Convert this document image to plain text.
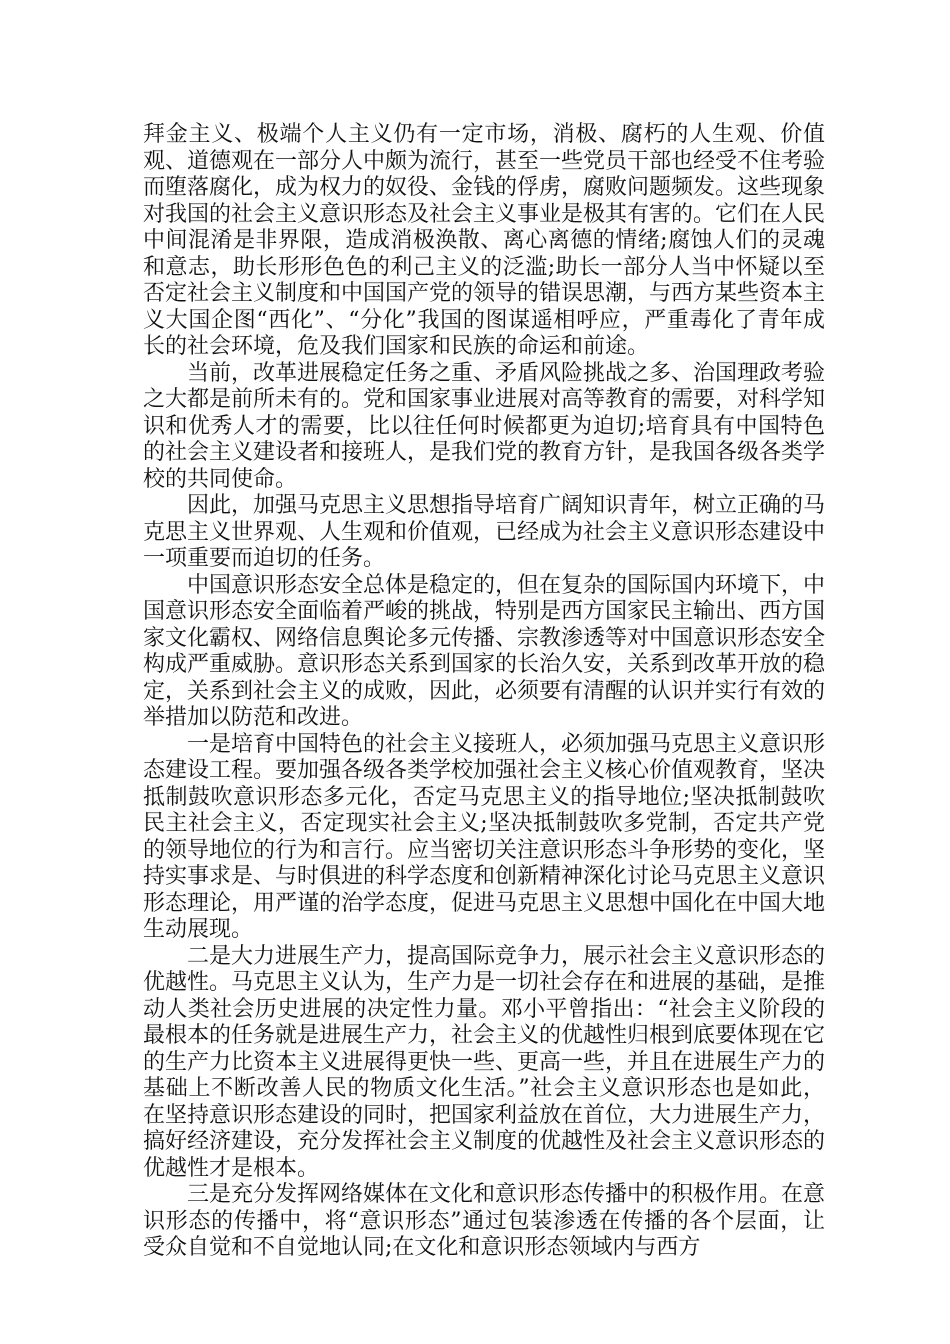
拜金主义、极端个人主义仍有一定市场，消极、腐朽的人生观、价值观、道德观在一部分人中颇为流行，甚至一些党员干部也经受不住考验而堕落腐化，成为权力的奴役、金钱的俘虏，腐败问题频发。这些现象对我国的社会主义意识形态及社会主义事业是极其有害的。它们在人民中间混淆是非界限，造成消极涣散、离心离德的情绪;腐蚀人们的灵魂和意志，助长形形色色的利己主义的泛滥;助长一部分人当中怀疑以至否定社会主义制度和中国国产党的领导的错误思潮，与西方某些资本主义大国企图“西化”、“分化”我国的图谋遥相呼应，严重毒化了青年成长的社会环境，危及我们国家和民族的命运和前途。

当前，改革进展稳定任务之重、矛盾风险挑战之多、治国理政考验之大都是前所未有的。党和国家事业进展对高等教育的需要，对科学知识和优秀人才的需要，比以往任何时候都更为迫切;培育具有中国特色的社会主义建设者和接班人，是我们党的教育方针，是我国各级各类学校的共同使命。

因此，加强马克思主义思想指导培育广阔知识青年，树立正确的马克思主义世界观、人生观和价值观，已经成为社会主义意识形态建设中一项重要而迫切的任务。

中国意识形态安全总体是稳定的，但在复杂的国际国内环境下，中国意识形态安全面临着严峻的挑战，特别是西方国家民主输出、西方国家文化霸权、网络信息舆论多元传播、宗教渗透等对中国意识形态安全构成严重威胁。意识形态关系到国家的长治久安，关系到改革开放的稳定，关系到社会主义的成败，因此，必须要有清醒的认识并实行有效的举措加以防范和改进。

一是培育中国特色的社会主义接班人，必须加强马克思主义意识形态建设工程。要加强各级各类学校加强社会主义核心价值观教育，坚决抵制鼓吹意识形态多元化，否定马克思主义的指导地位;坚决抵制鼓吹民主社会主义，否定现实社会主义;坚决抵制鼓吹多党制，否定共产党的领导地位的行为和言行。应当密切关注意识形态斗争形势的变化，坚持实事求是、与时俱进的科学态度和创新精神深化讨论马克思主义意识形态理论，用严谨的治学态度，促进马克思主义思想中国化在中国大地生动展现。

二是大力进展生产力，提高国际竞争力，展示社会主义意识形态的优越性。马克思主义认为，生产力是一切社会存在和进展的基础，是推动人类社会历史进展的决定性力量。邓小平曾指出：“社会主义阶段的最根本的任务就是进展生产力，社会主义的优越性归根到底要体现在它的生产力比资本主义进展得更快一些、更高一些，并且在进展生产力的基础上不断改善人民的物质文化生活。”社会主义意识形态也是如此，在坚持意识形态建设的同时，把国家利益放在首位，大力进展生产力，搞好经济建设，充分发挥社会主义制度的优越性及社会主义意识形态的优越性才是根本。

三是充分发挥网络媒体在文化和意识形态传播中的积极作用。在意识形态的传播中，将“意识形态”通过包装渗透在传播的各个层面，让受众自觉和不自觉地认同;在文化和意识形态领域内与西方
